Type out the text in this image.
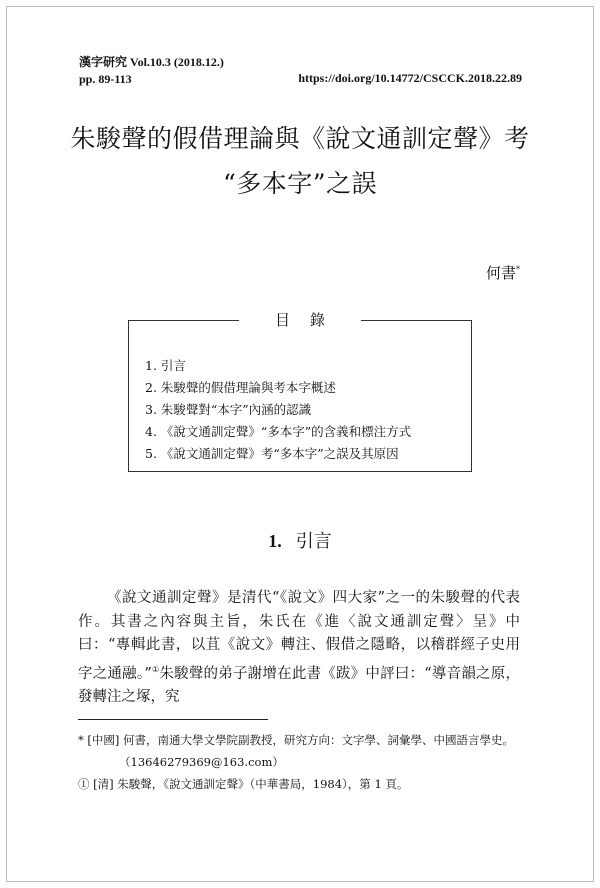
漢字研究 Vol.10.3 (2018.12.)
pp. 89-113	https://doi.org/10.14772/CSCCK.2018.22.89
朱駿聲的假借理論與《說文通訓定聲》考
“多本字”之誤
何書*
目錄
1. 引言
2. 朱駿聲的假借理論與考本字概述
3. 朱駿聲對“本字”內涵的認識
4. 《說文通訓定聲》“多本字”的含義和標注方式
5. 《說文通訓定聲》考“多本字”之誤及其原因
1. 引言
《說文通訓定聲》是清代“《說文》四大家”之一的朱駿聲的代表作。其書之內容與主旨，朱氏在《進〈說文通訓定聲〉呈》中曰：“專輯此書，以苴《說文》轉注、假借之隱略，以稽群經子史用字之通融。”①朱駿聲的弟子謝增在此書《跋》中評曰：“導音韻之原，發轉注之塚，究
* [中國] 何書，南通大學文學院副教授，研究方向：文字學、詞彙學、中國語言學史。
（13646279369@163.com）
① [清] 朱駿聲，《說文通訓定聲》（中華書局，1984），第 1 頁。
